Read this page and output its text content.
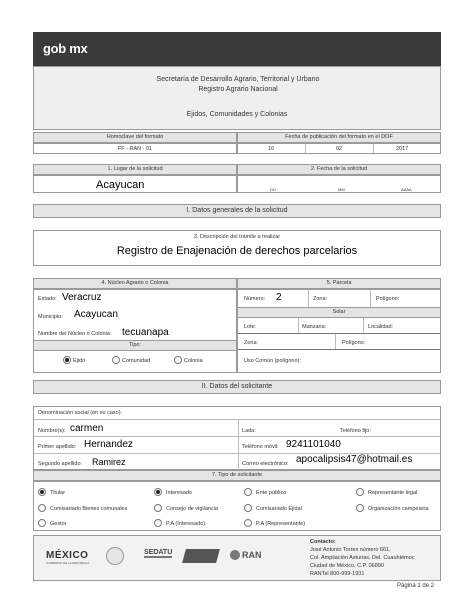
gob mx
Secretaría de Desarrollo Agrario, Territorial y Urbano
Registro Agrario Nacional
Ejidos, Comunidades y Colonias
Homoclave del formato	Fecha de publicación del formato en el DOF
FF - RAN - 01	16	02	2017
1. Lugar de la solicitud	2. Fecha de la solicitud
Acayucan	DD	MM	AAAA
I. Datos generales de la solicitud
3. Descripción del trámite a realizar
Registro de Enajenación de derechos parcelarios
4. Núcleo Agrario o Colonia
Estado: Veracruz
Municipio: Acayucan
Nombre del Núcleo o Colonia: tecuanapa
Tipo:
Ejido	Comunidad	Colonia
5. Parcela
Número: 2	Zona:	Polígono:
Solar
Lote:	Manzana:	Localidad:
Zona:	Polígono:
Uso Común (polígono):
II. Datos del solicitante
Denominación social (en su caso):
Nombre(s): carmen	Lada:	Teléfono fijo:
Primer apellido: Hernandez	Teléfono móvil: 9241101040
Segundo apellido: Ramirez	Correo electrónico: apocalipsis47@hotmail.es
7. Tipo de solicitante
Titular	Interesado	Ente público	Representante legal
Comisariado Bienes comunales	Consejo de vigilancia	Comisariado Ejidal	Organización campesina
Gestor	P.A (Interesado)	P.A (Representante)
MÉXICO
GOBIERNO DE LA REPÚBLICA
SEDATU	RAN
Contacto:
José Antonio Torres número 661,
Col. Ampliación Asturias, Del. Cuauhtémoc
Ciudad de México, C.P. 06890
RANTel 800-999-1931
Página 1 de 2
